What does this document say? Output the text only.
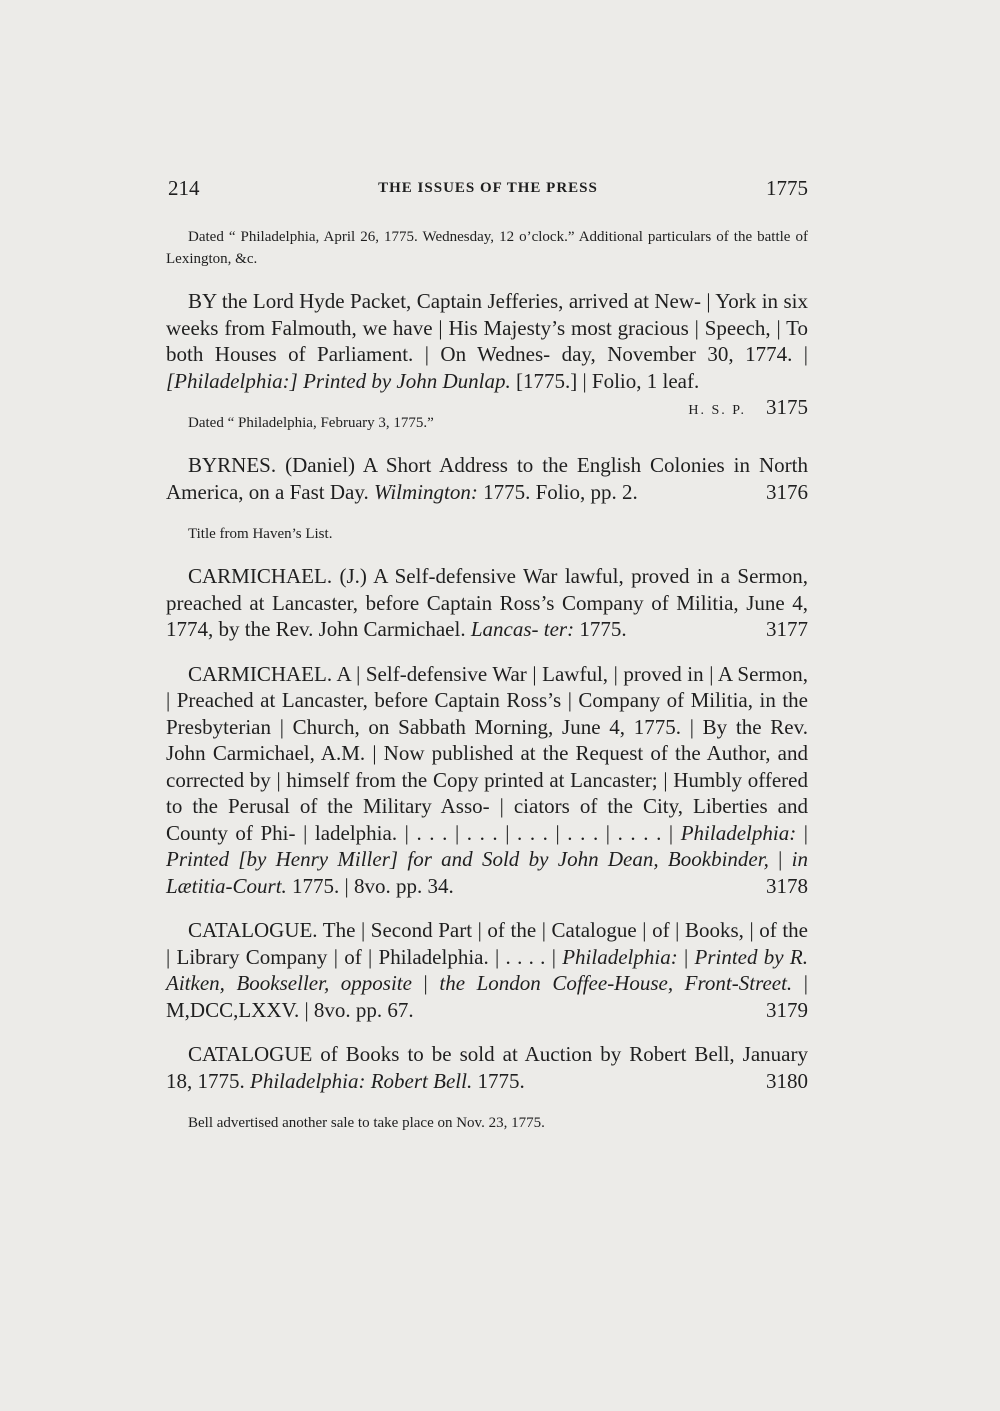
214	THE ISSUES OF THE PRESS	1775

Dated “ Philadelphia, April 26, 1775. Wednesday, 12 o’clock.” Additional particulars of the battle of Lexington, &c.

BY the Lord Hyde Packet, Captain Jefferies, arrived at New- | York in six weeks from Falmouth, we have | His Majesty’s most gracious | Speech, | To both Houses of Parliament. | On Wednes- day, November 30, 1774. | [Philadelphia:] Printed by John Dunlap. [1775.] | Folio, 1 leaf.
H. S. P. 3175

Dated “ Philadelphia, February 3, 1775.”

BYRNES. (Daniel) A Short Address to the English Colonies in North America, on a Fast Day. Wilmington: 1775. Folio, pp. 2.	3176

Title from Haven’s List.

CARMICHAEL. (J.) A Self-defensive War lawful, proved in a Sermon, preached at Lancaster, before Captain Ross’s Company of Militia, June 4, 1774, by the Rev. John Carmichael. Lancas- ter: 1775.	3177

CARMICHAEL. A | Self-defensive War | Lawful, | proved in | A Sermon, | Preached at Lancaster, before Captain Ross’s | Company of Militia, in the Presbyterian | Church, on Sabbath Morning, June 4, 1775. | By the Rev. John Carmichael, A.M. | Now published at the Request of the Author, and corrected by | himself from the Copy printed at Lancaster; | Humbly offered to the Perusal of the Military Asso- | ciators of the City, Liberties and County of Phi- | ladelphia. | . . . | . . . | . . . | . . . | . . . . | Philadelphia: | Printed [by Henry Miller] for and Sold by John Dean, Bookbinder, | in Lætitia-Court. 1775. | 8vo. pp. 34.	3178

CATALOGUE. The | Second Part | of the | Catalogue | of | Books, | of the | Library Company | of | Philadelphia. | . . . . | Philadelphia: | Printed by R. Aitken, Bookseller, opposite | the London Coffee-House, Front-Street. | M,DCC,LXXV. | 8vo. pp. 67.	3179

CATALOGUE of Books to be sold at Auction by Robert Bell, January 18, 1775. Philadelphia: Robert Bell. 1775.	3180

Bell advertised another sale to take place on Nov. 23, 1775.
